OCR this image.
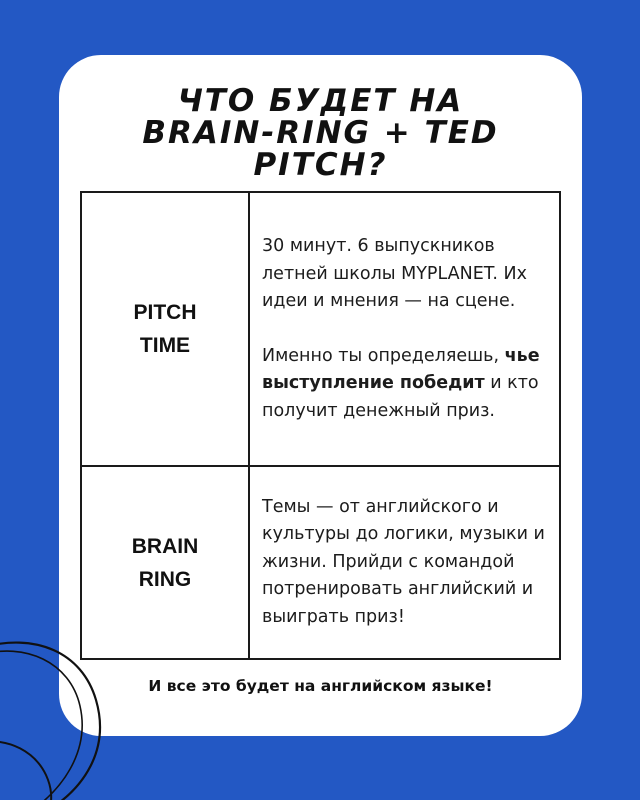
ЧТО БУДЕТ НА
BRAIN-RING + TED
PITCH?
PITCH
TIME	30 минут. 6 выпускников летней школы MYPLANET. Их идеи и мнения — на сцене.
Именно ты определяешь, чье выступление победит и кто получит денежный приз.

BRAIN
RING	Темы — от английского и культуры до логики, музыки и жизни. Прийди с командой потренировать английский и выиграть приз!
И все это будет на английском языке!
